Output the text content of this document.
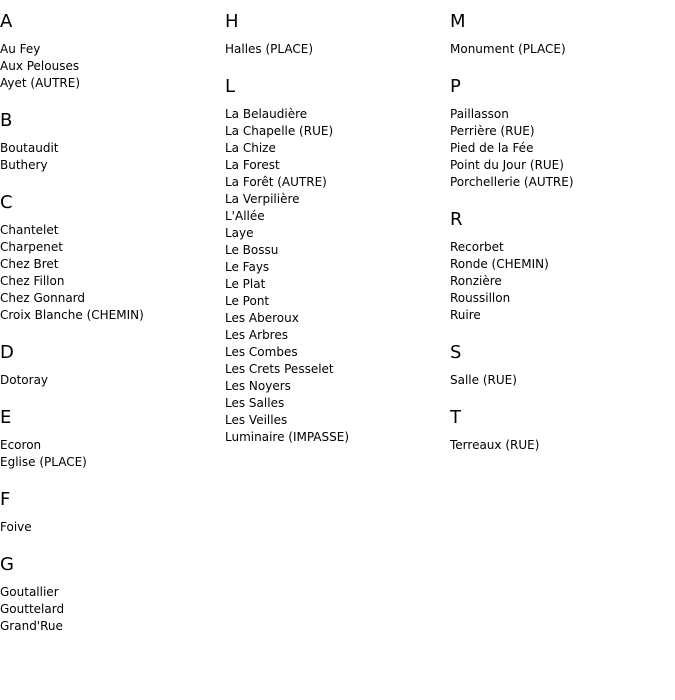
A
Au Fey
Aux Pelouses
Ayet (AUTRE)
B
Boutaudit
Buthery
C
Chantelet
Charpenet
Chez Bret
Chez Fillon
Chez Gonnard
Croix Blanche (CHEMIN)
D
Dotoray
E
Ecoron
Eglise (PLACE)
F
Foive
G
Goutallier
Gouttelard
Grand'Rue
H
Halles (PLACE)
L
La Belaudière
La Chapelle (RUE)
La Chize
La Forest
La Forêt (AUTRE)
La Verpilière
L'Allée
Laye
Le Bossu
Le Fays
Le Plat
Le Pont
Les Aberoux
Les Arbres
Les Combes
Les Crets Pesselet
Les Noyers
Les Salles
Les Veilles
Luminaire (IMPASSE)
M
Monument (PLACE)
P
Paillasson
Perrière (RUE)
Pied de la Fée
Point du Jour (RUE)
Porchellerie (AUTRE)
R
Recorbet
Ronde (CHEMIN)
Ronzière
Roussillon
Ruire
S
Salle (RUE)
T
Terreaux (RUE)
